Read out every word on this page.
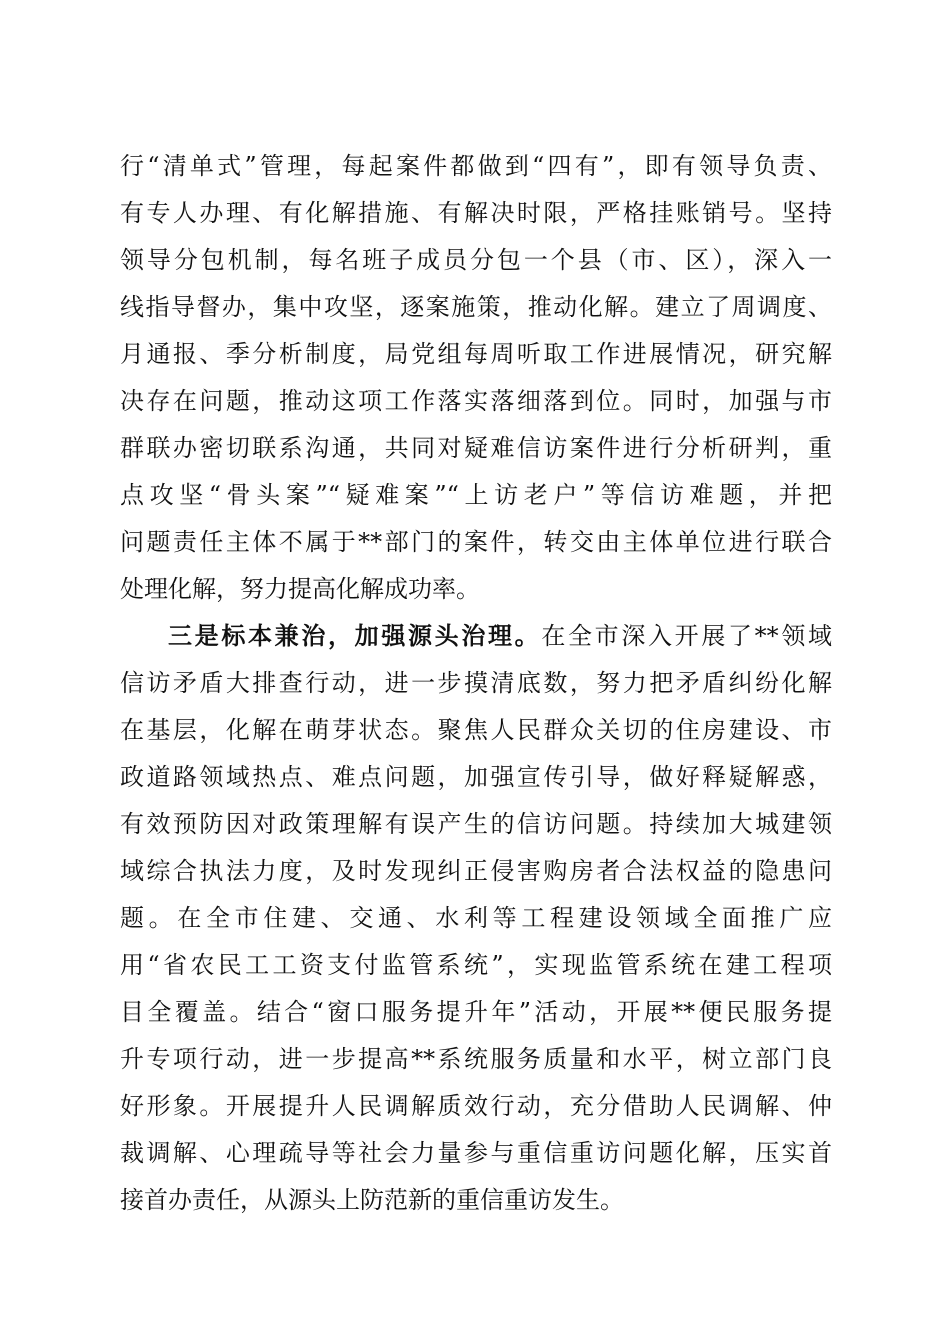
行“清单式”管理，每起案件都做到“四有”，即有领导负责、

有专人办理、有化解措施、有解决时限，严格挂账销号。坚持

领导分包机制，每名班子成员分包一个县（市、区），深入一

线指导督办，集中攻坚，逐案施策，推动化解。建立了周调度、

月通报、季分析制度，局党组每周听取工作进展情况，研究解

决存在问题，推动这项工作落实落细落到位。同时，加强与市

群联办密切联系沟通，共同对疑难信访案件进行分析研判，重

点攻坚“骨头案”“疑难案”“上访老户”等信访难题，并把

问题责任主体不属于**部门的案件，转交由主体单位进行联合

处理化解，努力提高化解成功率。

三是标本兼治，加强源头治理。在全市深入开展了**领域

信访矛盾大排查行动，进一步摸清底数，努力把矛盾纠纷化解

在基层，化解在萌芽状态。聚焦人民群众关切的住房建设、市

政道路领域热点、难点问题，加强宣传引导，做好释疑解惑，

有效预防因对政策理解有误产生的信访问题。持续加大城建领

域综合执法力度，及时发现纠正侵害购房者合法权益的隐患问

题。在全市住建、交通、水利等工程建设领域全面推广应

用“省农民工工资支付监管系统”，实现监管系统在建工程项

目全覆盖。结合“窗口服务提升年”活动，开展**便民服务提

升专项行动，进一步提高**系统服务质量和水平，树立部门良

好形象。开展提升人民调解质效行动，充分借助人民调解、仲

裁调解、心理疏导等社会力量参与重信重访问题化解，压实首

接首办责任，从源头上防范新的重信重访发生。
